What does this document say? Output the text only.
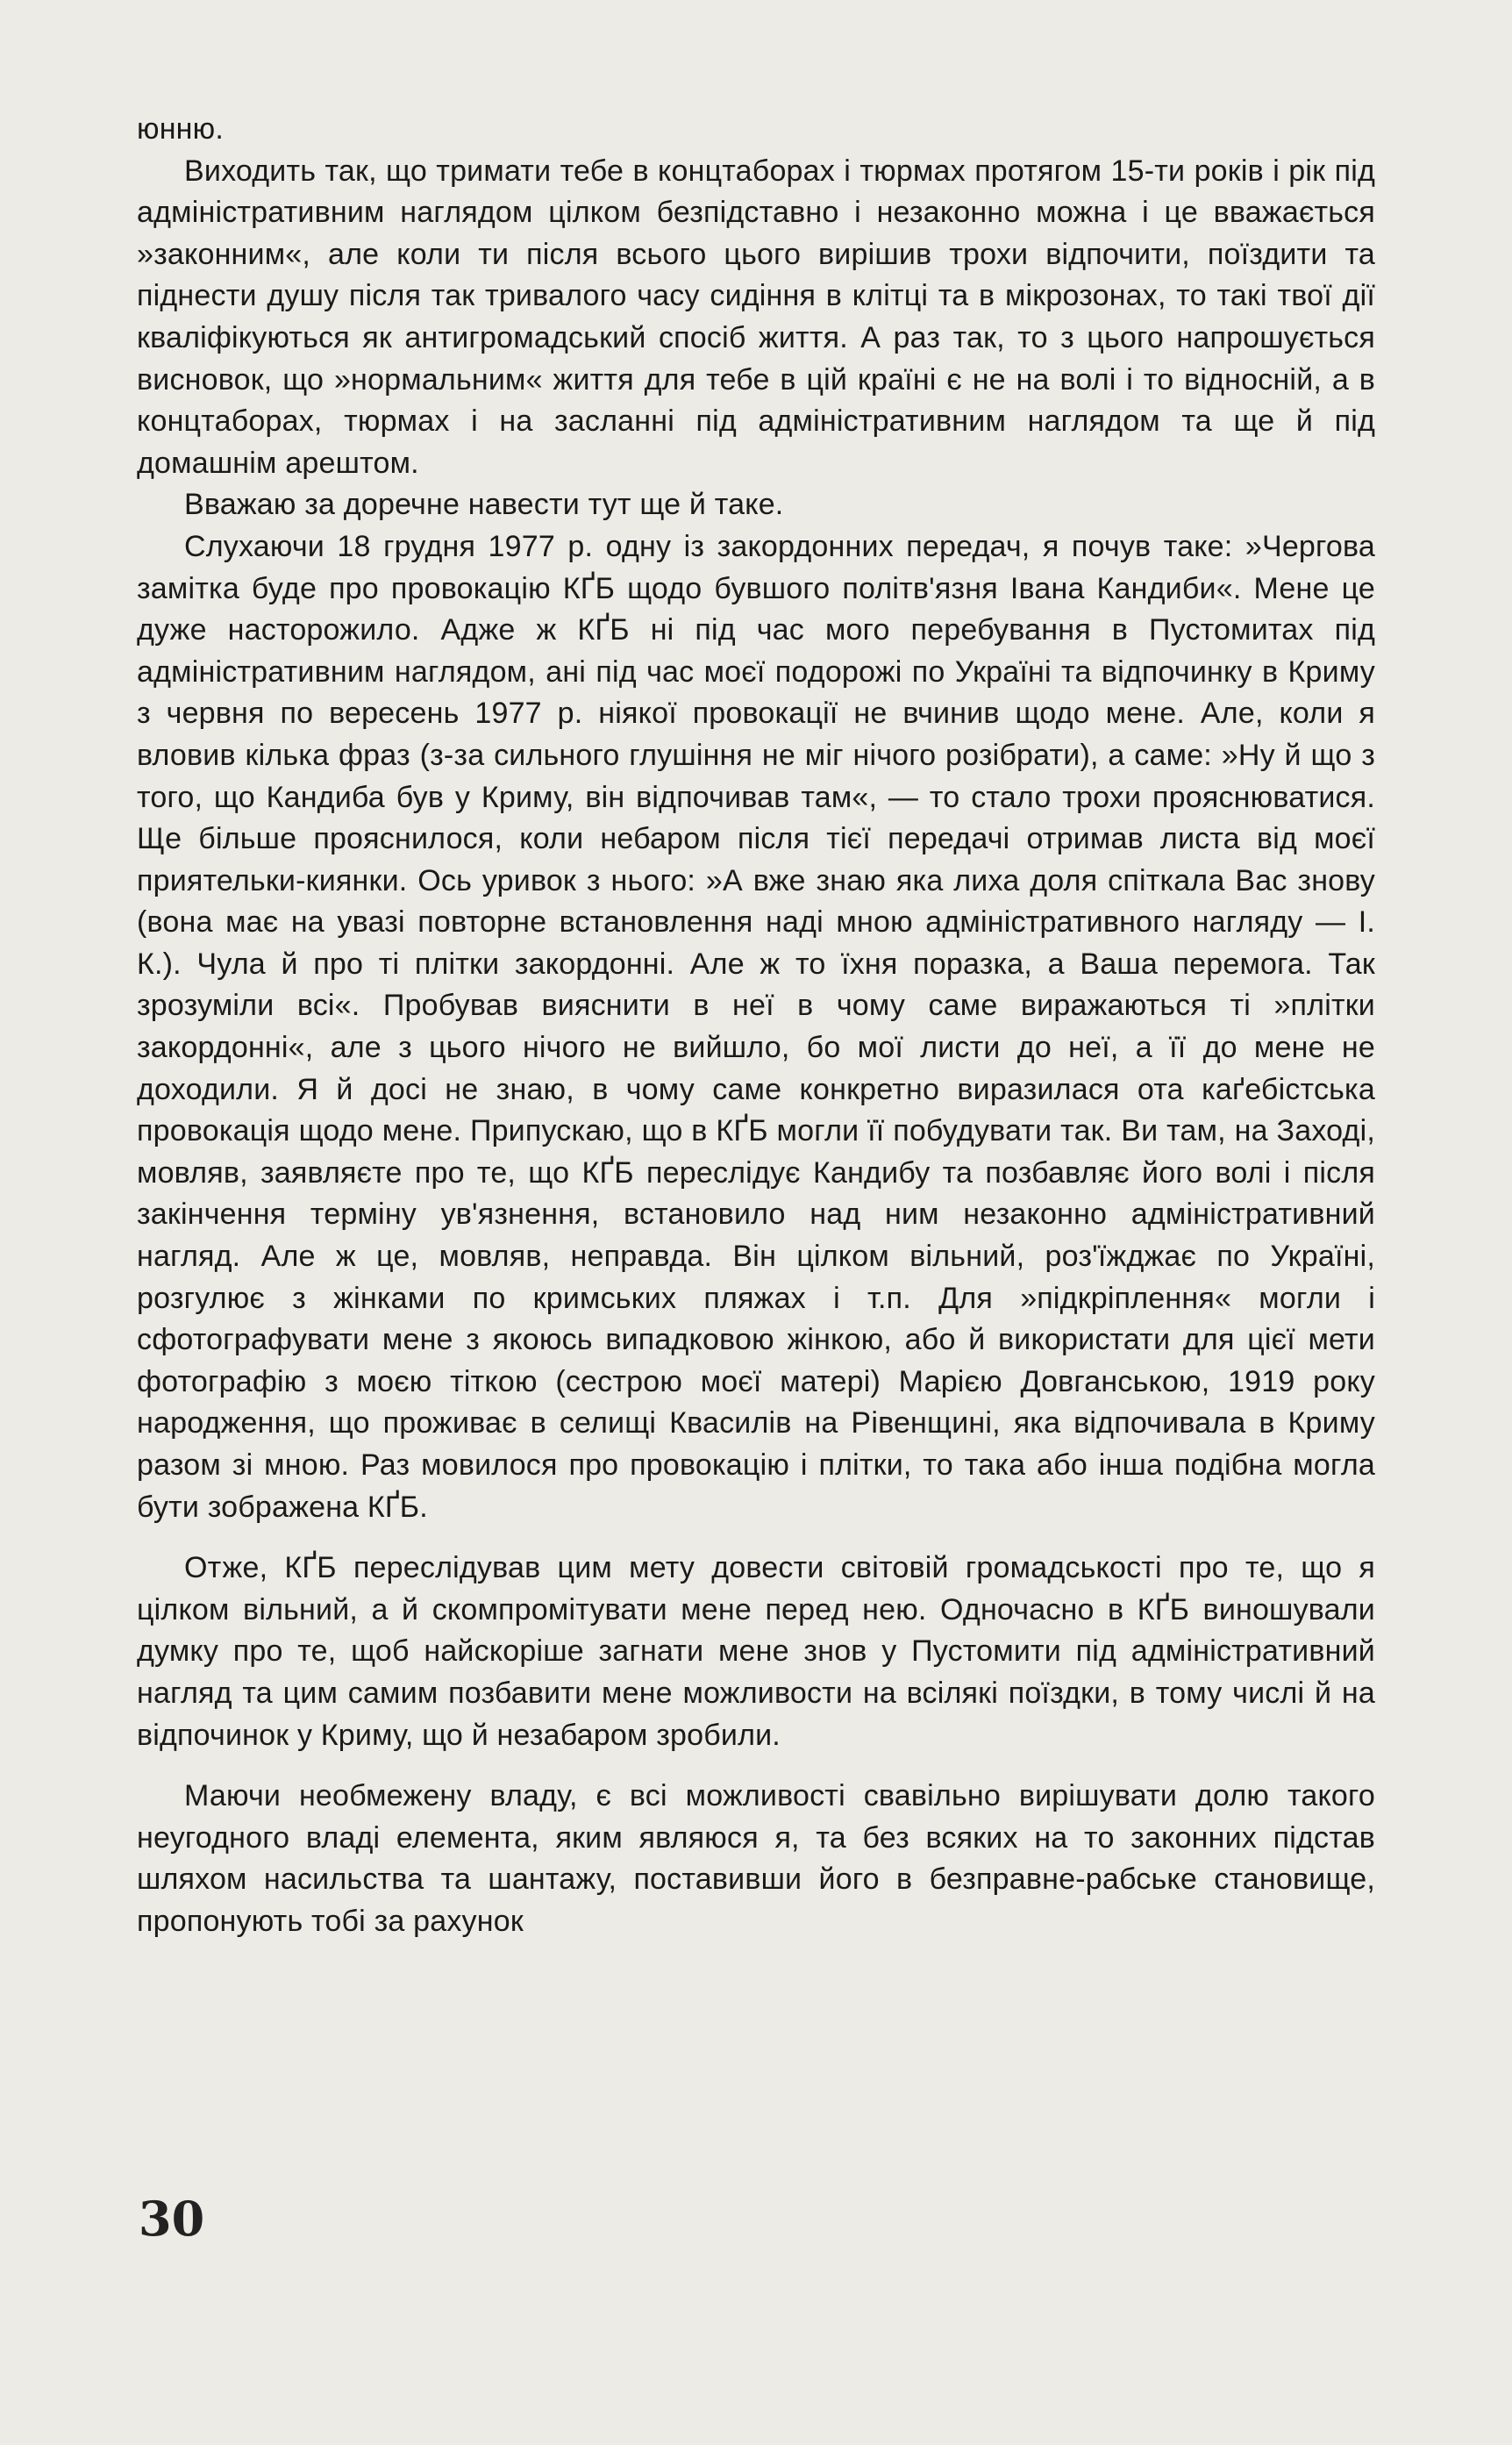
юнню.

Виходить так, що тримати тебе в концтаборах і тюрмах протягом 15-ти років і рік під адміністративним наглядом цілком безпідставно і незаконно можна і це вважається »законним«, але коли ти після всього цього вирішив трохи відпочити, поїздити та піднести душу після так тривалого часу сидіння в клітці та в мікрозонах, то такі твої дії кваліфікуються як антигромадський спосіб життя. А раз так, то з цього напрошується висновок, що »нормальним« життя для тебе в цій країні є не на волі і то відносній, а в концтаборах, тюрмах і на засланні під адміністративним наглядом та ще й під домашнім арештом.

Вважаю за доречне навести тут ще й таке.

Слухаючи 18 грудня 1977 р. одну із закордонних передач, я почув таке: »Чергова замітка буде про провокацію КҐБ щодо бувшого політв'язня Івана Кандиби«. Мене це дуже насторожило. Адже ж КҐБ ні під час мого перебування в Пустомитах під адміністративним наглядом, ані під час моєї подорожі по Україні та відпочинку в Криму з червня по вересень 1977 р. ніякої провокації не вчинив щодо мене. Але, коли я вловив кілька фраз (з-за сильного глушіння не міг нічого розібрати), а саме: »Ну й що з того, що Кандиба був у Криму, він відпочивав там«, — то стало трохи прояснюватися. Ще більше прояснилося, коли небаром після тієї передачі отримав листа від моєї приятельки-киянки. Ось уривок з нього: »А вже знаю яка лиха доля спіткала Вас знову (вона має на увазі повторне встановлення наді мною адміністративного нагляду — І. К.). Чула й про ті плітки закордонні. Але ж то їхня поразка, а Ваша перемога. Так зрозуміли всі«. Пробував вияснити в неї в чому саме виражаються ті »плітки закордонні«, але з цього нічого не вийшло, бо мої листи до неї, а її до мене не доходили. Я й досі не знаю, в чому саме конкретно виразилася ота каґебістська провокація щодо мене. Припускаю, що в КҐБ могли її побудувати так. Ви там, на Заході, мовляв, заявляєте про те, що КҐБ переслідує Кандибу та позбавляє його волі і після закінчення терміну ув'язнення, встановило над ним незаконно адміністративний нагляд. Але ж це, мовляв, неправда. Він цілком вільний, роз'їжджає по Україні, розгулює з жінками по кримських пляжах і т.п. Для »підкріплення« могли і сфотографувати мене з якоюсь випадковою жінкою, або й використати для цієї мети фотографію з моєю тіткою (сестрою моєї матері) Марією Довганською, 1919 року народження, що проживає в селищі Квасилів на Рівенщині, яка відпочивала в Криму разом зі мною. Раз мовилося про провокацію і плітки, то така або інша подібна могла бути зображена КҐБ.

Отже, КҐБ переслідував цим мету довести світовій громадськості про те, що я цілком вільний, а й скомпромітувати мене перед нею. Одночасно в КҐБ виношували думку про те, щоб найскоріше загнати мене знов у Пустомити під адміністративний нагляд та цим самим позбавити мене можливости на всілякі поїздки, в тому числі й на відпочинок у Криму, що й незабаром зробили.

Маючи необмежену владу, є всі можливості свавільно вирішувати долю такого неугодного владі елемента, яким являюся я, та без всяких на то законних підстав шляхом насильства та шантажу, поставивши його в безправне-рабське становище, пропонують тобі за рахунок

30
